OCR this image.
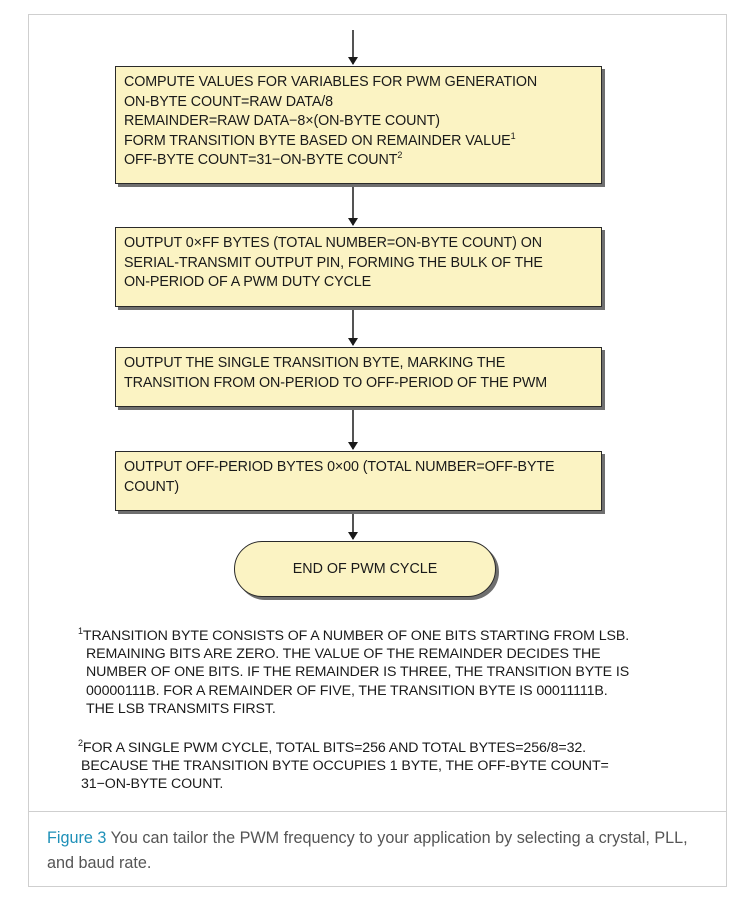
COMPUTE VALUES FOR VARIABLES FOR PWM GENERATION
ON-BYTE COUNT=RAW DATA/8
REMAINDER=RAW DATA−8×(ON-BYTE COUNT)
FORM TRANSITION BYTE BASED ON REMAINDER VALUE$^1$
OFF-BYTE COUNT=31−ON-BYTE COUNT$^2$
OUTPUT 0×FF BYTES (TOTAL NUMBER=ON-BYTE COUNT) ON
SERIAL-TRANSMIT OUTPUT PIN, FORMING THE BULK OF THE
ON-PERIOD OF A PWM DUTY CYCLE
OUTPUT THE SINGLE TRANSITION BYTE, MARKING THE
TRANSITION FROM ON-PERIOD TO OFF-PERIOD OF THE PWM
OUTPUT OFF-PERIOD BYTES 0×00 (TOTAL NUMBER=OFF-BYTE
COUNT)
END OF PWM CYCLE
$^1$TRANSITION BYTE CONSISTS OF A NUMBER OF ONE BITS STARTING FROM LSB.
REMAINING BITS ARE ZERO. THE VALUE OF THE REMAINDER DECIDES THE
NUMBER OF ONE BITS. IF THE REMAINDER IS THREE, THE TRANSITION BYTE IS
00000111B. FOR A REMAINDER OF FIVE, THE TRANSITION BYTE IS 00011111B.
THE LSB TRANSMITS FIRST.
$^2$FOR A SINGLE PWM CYCLE, TOTAL BITS=256 AND TOTAL BYTES=256/8=32.
BECAUSE THE TRANSITION BYTE OCCUPIES 1 BYTE, THE OFF-BYTE COUNT=
31−ON-BYTE COUNT.
Figure 3 You can tailor the PWM frequency to your application by selecting a crystal, PLL, and baud rate.
